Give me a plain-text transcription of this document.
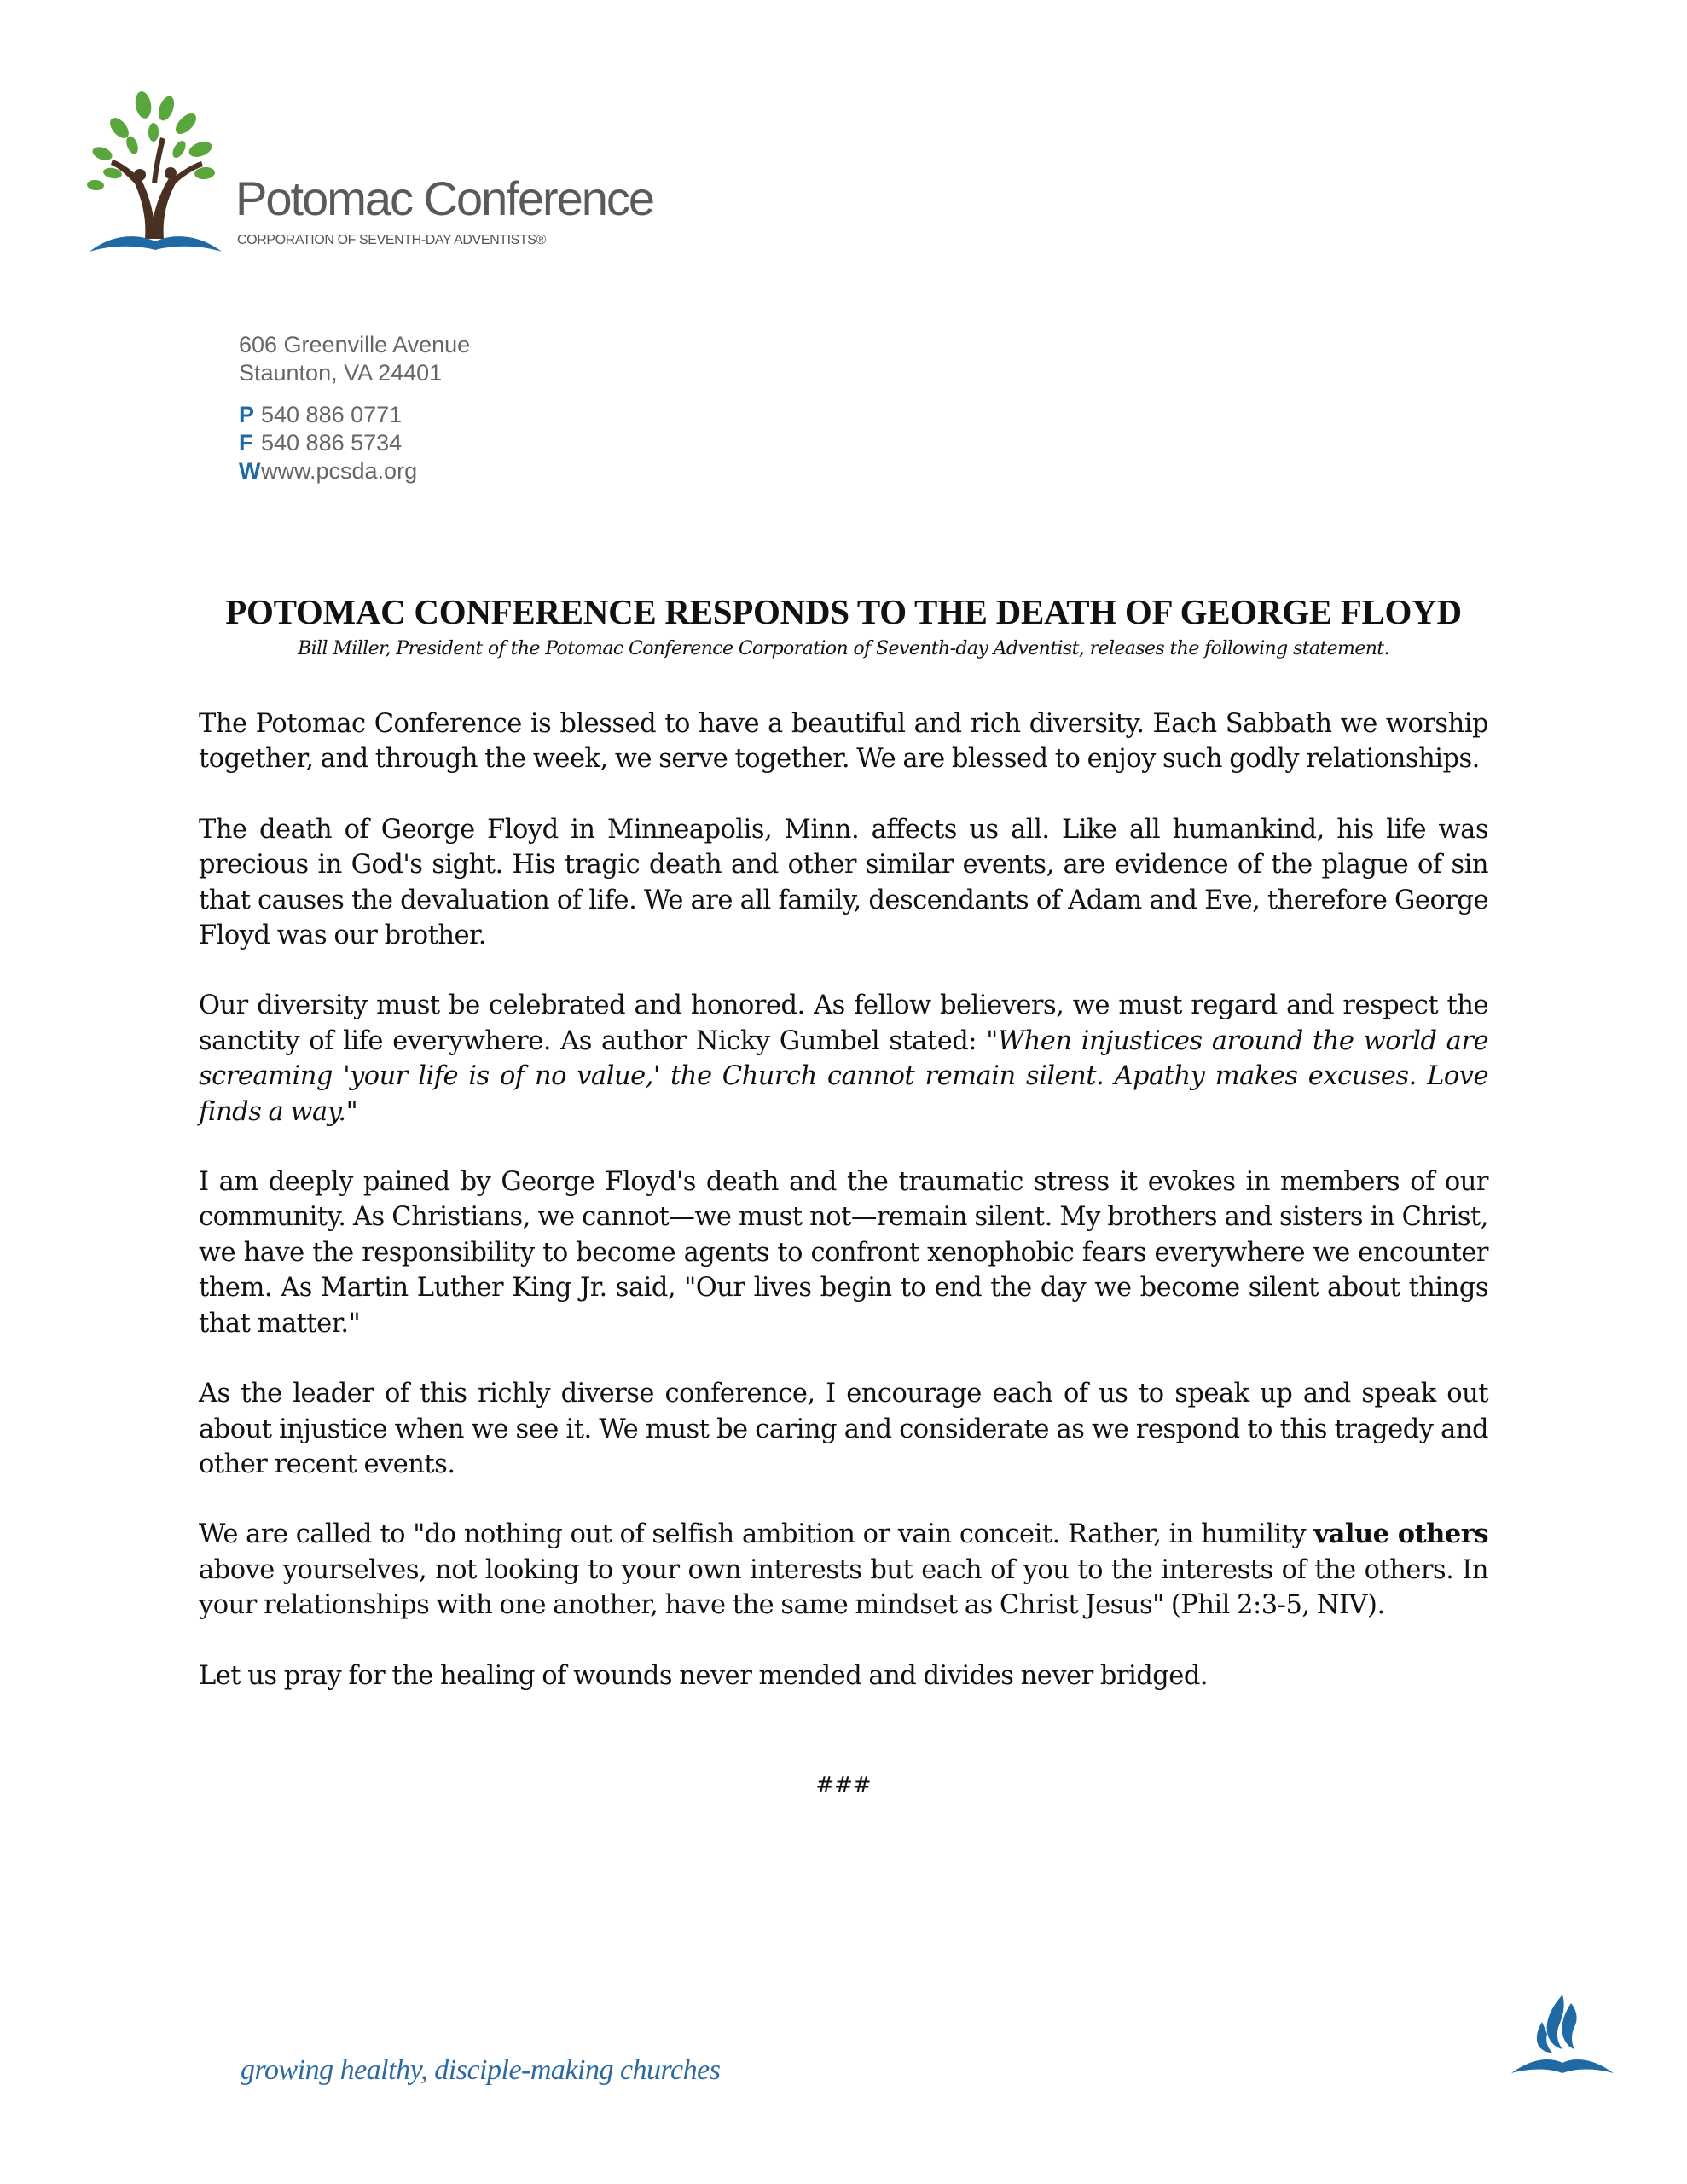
Potomac Conference
CORPORATION OF SEVENTH-DAY ADVENTISTS®
606 Greenville Avenue
Staunton, VA 24401
P 540 886 0771
F 540 886 5734
Wwww.pcsda.org
POTOMAC CONFERENCE RESPONDS TO THE DEATH OF GEORGE FLOYD
Bill Miller, President of the Potomac Conference Corporation of Seventh-day Adventist, releases the following statement.

The Potomac Conference is blessed to have a beautiful and rich diversity. Each Sabbath we worship together, and through the week, we serve together. We are blessed to enjoy such godly relationships.

The death of George Floyd in Minneapolis, Minn. affects us all. Like all humankind, his life was precious in God's sight. His tragic death and other similar events, are evidence of the plague of sin that causes the devaluation of life. We are all family, descendants of Adam and Eve, therefore George Floyd was our brother.

Our diversity must be celebrated and honored. As fellow believers, we must regard and respect the sanctity of life everywhere. As author Nicky Gumbel stated: "When injustices around the world are screaming 'your life is of no value,' the Church cannot remain silent. Apathy makes excuses. Love finds a way."

I am deeply pained by George Floyd's death and the traumatic stress it evokes in members of our community. As Christians, we cannot—we must not—remain silent. My brothers and sisters in Christ, we have the responsibility to become agents to confront xenophobic fears everywhere we encounter them. As Martin Luther King Jr. said, "Our lives begin to end the day we become silent about things that matter."

As the leader of this richly diverse conference, I encourage each of us to speak up and speak out about injustice when we see it. We must be caring and considerate as we respond to this tragedy and other recent events.

We are called to "do nothing out of selfish ambition or vain conceit. Rather, in humility value others above yourselves, not looking to your own interests but each of you to the interests of the others. In your relationships with one another, have the same mindset as Christ Jesus" (Phil 2:3-5, NIV).

Let us pray for the healing of wounds never mended and divides never bridged.

###
growing healthy, disciple-making churches
